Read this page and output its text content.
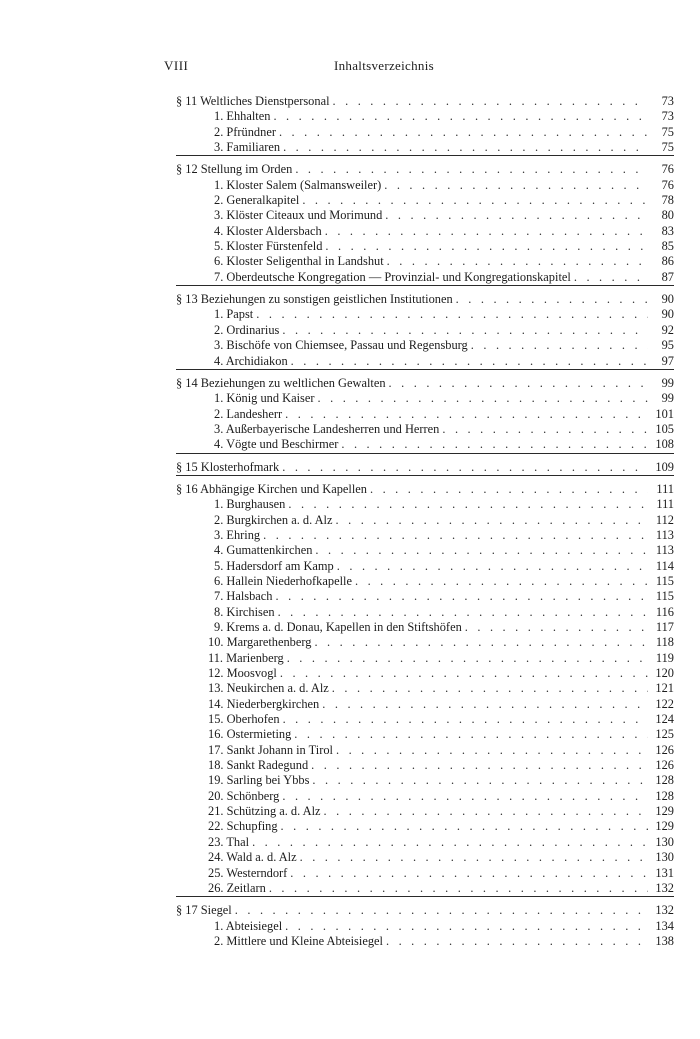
VIII	Inhaltsverzeichnis
§ 11 Weltliches Dienstpersonal . . .	73
1. Ehhalten . . .	73
2. Pfründner . . .	75
3. Familiaren . . .	75
§ 12 Stellung im Orden . . .	76
1. Kloster Salem (Salmansweiler) . . .	76
2. Generalkapitel . . .	78
3. Klöster Citeaux und Morimund . . .	80
4. Kloster Aldersbach . . .	83
5. Kloster Fürstenfeld . . .	85
6. Kloster Seligenthal in Landshut . . .	86
7. Oberdeutsche Kongregation — Provinzial- und Kongregationskapitel . . .	87
§ 13 Beziehungen zu sonstigen geistlichen Institutionen . . .	90
1. Papst . . .	90
2. Ordinarius . . .	92
3. Bischöfe von Chiemsee, Passau und Regensburg . . .	95
4. Archidiakon . . .	97
§ 14 Beziehungen zu weltlichen Gewalten . . .	99
1. König und Kaiser . . .	99
2. Landesherr . . .	101
3. Außerbayerische Landesherren und Herren . . .	105
4. Vögte und Beschirmer . . .	108
§ 15 Klosterhofmark . . .	109
§ 16 Abhängige Kirchen und Kapellen . . .	111
1. Burghausen . . .	111
2. Burgkirchen a. d. Alz . . .	112
3. Ehring . . .	113
4. Gumattenkirchen . . .	113
5. Hadersdorf am Kamp . . .	114
6. Hallein Niederhofkapelle . . .	115
7. Halsbach . . .	115
8. Kirchisen . . .	116
9. Krems a. d. Donau, Kapellen in den Stiftshöfen . . .	117
10. Margarethenberg . . .	118
11. Marienberg . . .	119
12. Moosvogl . . .	120
13. Neukirchen a. d. Alz . . .	121
14. Niederbergkirchen . . .	122
15. Oberhofen . . .	124
16. Ostermieting . . .	125
17. Sankt Johann in Tirol . . .	126
18. Sankt Radegund . . .	126
19. Sarling bei Ybbs . . .	128
20. Schönberg . . .	128
21. Schützing a. d. Alz . . .	129
22. Schupfing . . .	129
23. Thal . . .	130
24. Wald a. d. Alz . . .	130
25. Westerndorf . . .	131
26. Zeitlarn . . .	132
§ 17 Siegel . . .	132
1. Abteisiegel . . .	134
2. Mittlere und Kleine Abteisiegel . . .	138
